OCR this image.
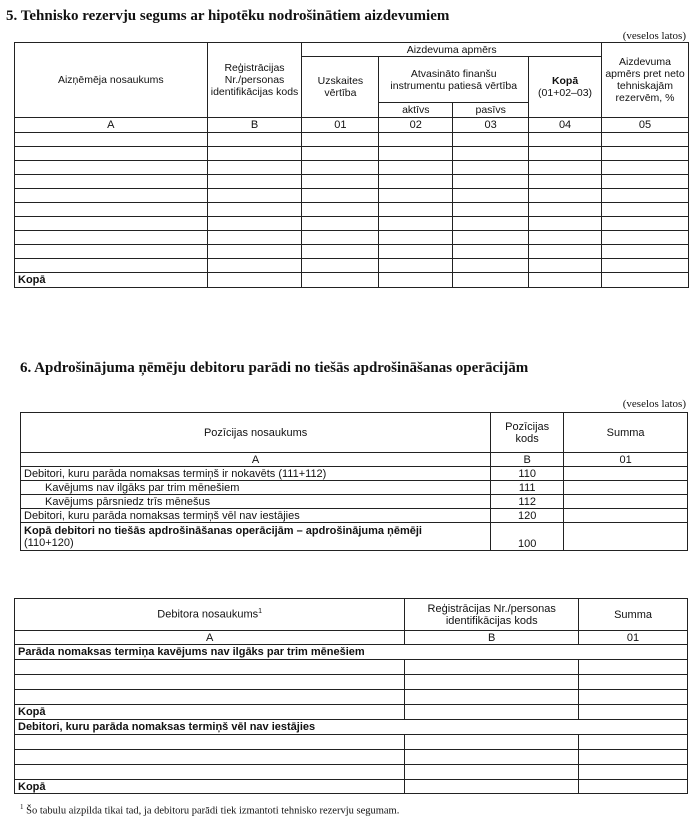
5. Tehnisko rezervju segums ar hipotēku nodrošinātiem aizdevumiem
(veselos latos)
Aizņēmēja nosaukums	Reģistrācijas Nr./personas identifikācijas kods	Aizdevuma apmērs				Aizdevuma apmērs pret neto tehniskajām rezervēm, %
		Uzskaites vērtība	Atvasināto finanšu instrumentu patiesā vērtība		Kopā
(01+02–03)	
			aktīvs	pasīvs		
A	B	01	02	03	04	05

Kopā						
6. Apdrošinājuma ņēmēju debitoru parādi no tiešās apdrošināšanas operācijām
(veselos latos)
Pozīcijas nosaukums	Pozīcijas kods	Summa
A	B	01
Debitori, kuru parāda nomaksas termiņš ir nokavēts (111+112)	110	
Kavējums nav ilgāks par trim mēnešiem	111	
Kavējums pārsniedz trīs mēnešus	112	
Debitori, kuru parāda nomaksas termiņš vēl nav iestājies	120	
Kopā debitori no tiešās apdrošināšanas operācijām – apdrošinājuma ņēmēji
(110+120)	100	
Debitora nosaukums$^1$	Reģistrācijas Nr./personas identifikācijas kods	Summa
A	B	01
Parāda nomaksas termiņa kavējums nav ilgāks par trim mēnešiem		

Kopā		
Debitori, kuru parāda nomaksas termiņš vēl nav iestājies		

Kopā		
$^1$ Šo tabulu aizpilda tikai tad, ja debitoru parādi tiek izmantoti tehnisko rezervju segumam.
